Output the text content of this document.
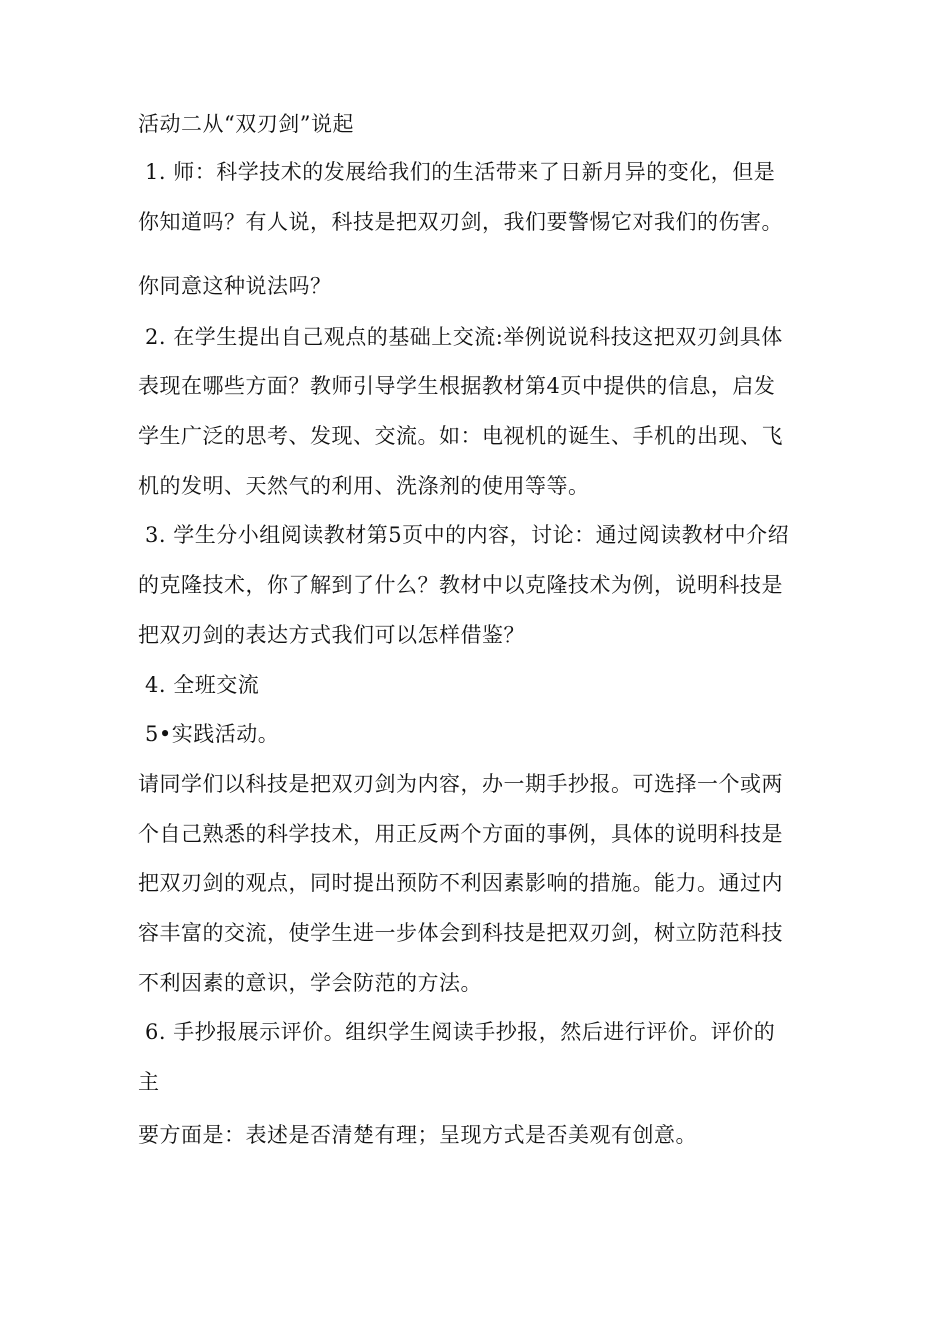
活动二从“双刃剑”说起
1. 师：科学技术的发展给我们的生活带来了日新月异的变化，但是
你知道吗？有人说，科技是把双刃剑，我们要警惕它对我们的伤害。
你同意这种说法吗？
2. 在学生提出自己观点的基础上交流:举例说说科技这把双刃剑具体
表现在哪些方面？教师引导学生根据教材第4页中提供的信息，启发
学生广泛的思考、发现、交流。如：电视机的诞生、手机的出现、飞
机的发明、天然气的利用、洗涤剂的使用等等。
3. 学生分小组阅读教材第5页中的内容，讨论：通过阅读教材中介绍
的克隆技术，你了解到了什么？教材中以克隆技术为例，说明科技是
把双刃剑的表达方式我们可以怎样借鉴？
4. 全班交流
5•实践活动。
请同学们以科技是把双刃剑为内容，办一期手抄报。可选择一个或两
个自己熟悉的科学技术，用正反两个方面的事例，具体的说明科技是
把双刃剑的观点，同时提出预防不利因素影响的措施。能力。通过内
容丰富的交流，使学生进一步体会到科技是把双刃剑，树立防范科技
不利因素的意识，学会防范的方法。
6. 手抄报展示评价。组织学生阅读手抄报，然后进行评价。评价的
主
要方面是：表述是否清楚有理；呈现方式是否美观有创意。
